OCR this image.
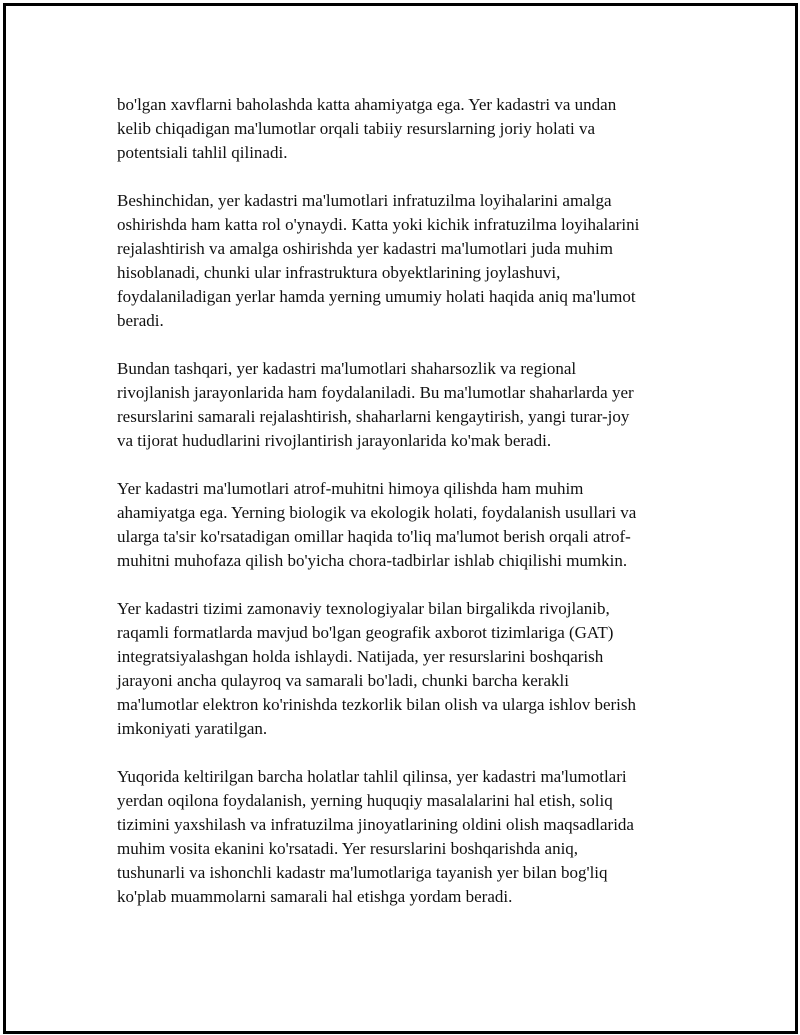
bo'lgan xavflarni baholashda katta ahamiyatga ega. Yer kadastri va undan
kelib chiqadigan ma'lumotlar orqali tabiiy resurslarning joriy holati va
potentsiali tahlil qilinadi.

Beshinchidan, yer kadastri ma'lumotlari infratuzilma loyihalarini amalga
oshirishda ham katta rol o'ynaydi. Katta yoki kichik infratuzilma loyihalarini
rejalashtirish va amalga oshirishda yer kadastri ma'lumotlari juda muhim
hisoblanadi, chunki ular infrastruktura obyektlarining joylashuvi,
foydalaniladigan yerlar hamda yerning umumiy holati haqida aniq ma'lumot
beradi.

Bundan tashqari, yer kadastri ma'lumotlari shaharsozlik va regional
rivojlanish jarayonlarida ham foydalaniladi. Bu ma'lumotlar shaharlarda yer
resurslarini samarali rejalashtirish, shaharlarni kengaytirish, yangi turar-joy
va tijorat hududlarini rivojlantirish jarayonlarida ko'mak beradi.

Yer kadastri ma'lumotlari atrof-muhitni himoya qilishda ham muhim
ahamiyatga ega. Yerning biologik va ekologik holati, foydalanish usullari va
ularga ta'sir ko'rsatadigan omillar haqida to'liq ma'lumot berish orqali atrof-
muhitni muhofaza qilish bo'yicha chora-tadbirlar ishlab chiqilishi mumkin.

Yer kadastri tizimi zamonaviy texnologiyalar bilan birgalikda rivojlanib,
raqamli formatlarda mavjud bo'lgan geografik axborot tizimlariga (GAT)
integratsiyalashgan holda ishlaydi. Natijada, yer resurslarini boshqarish
jarayoni ancha qulayroq va samarali bo'ladi, chunki barcha kerakli
ma'lumotlar elektron ko'rinishda tezkorlik bilan olish va ularga ishlov berish
imkoniyati yaratilgan.

Yuqorida keltirilgan barcha holatlar tahlil qilinsa, yer kadastri ma'lumotlari
yerdan oqilona foydalanish, yerning huquqiy masalalarini hal etish, soliq
tizimini yaxshilash va infratuzilma jinoyatlarining oldini olish maqsadlarida
muhim vosita ekanini ko'rsatadi. Yer resurslarini boshqarishda aniq,
tushunarli va ishonchli kadastr ma'lumotlariga tayanish yer bilan bog'liq
ko'plab muammolarni samarali hal etishga yordam beradi.
